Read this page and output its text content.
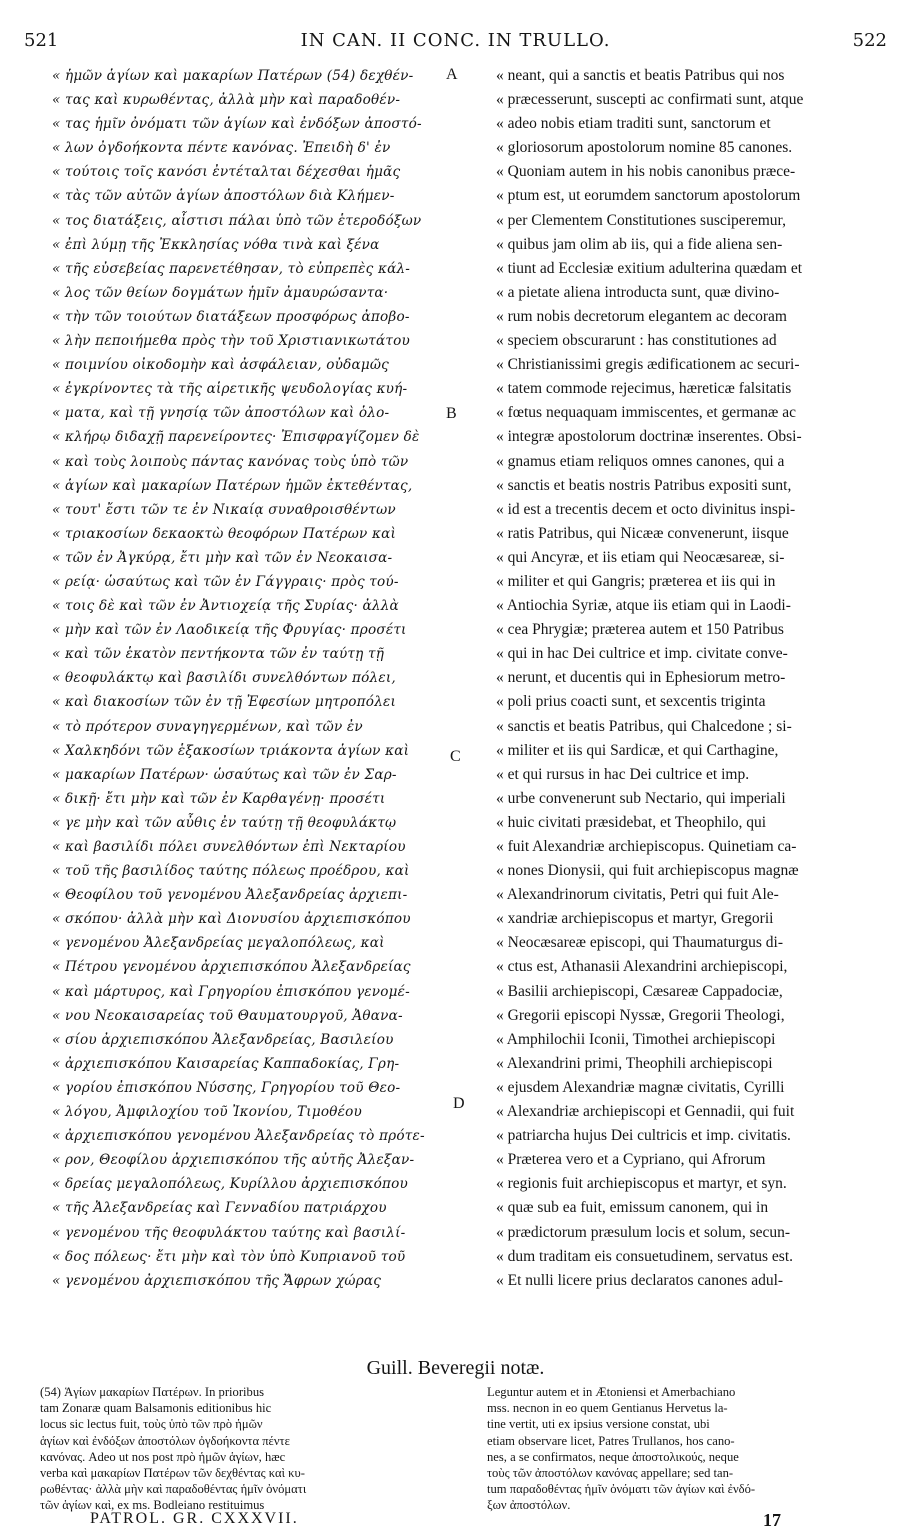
521	IN CAN. II CONC. IN TRULLO.	522
« ἡμῶν ἁγίων καὶ μακαρίων Πατέρων (54) δεχθέν-
« τας καὶ κυρωθέντας, ἀλλὰ μὴν καὶ παραδοθέν-
« τας ἡμῖν ὀνόματι τῶν ἁγίων καὶ ἐνδόξων ἀποστό-
« λων ὀγδοήκοντα πέντε κανόνας. Ἐπειδὴ δ' ἐν
« τούτοις τοῖς κανόσι ἐντέταλται δέχεσθαι ἡμᾶς
« τὰς τῶν αὐτῶν ἁγίων ἀποστόλων διὰ Κλήμεν-
« τος διατάξεις, αἷστισι πάλαι ὑπὸ τῶν ἑτεροδόξων
« ἐπὶ λύμῃ τῆς Ἐκκλησίας νόθα τινὰ καὶ ξένα
« τῆς εὐσεβείας παρενετέθησαν, τὸ εὐπρεπὲς κάλ-
« λος τῶν θείων δογμάτων ἡμῖν ἀμαυρώσαντα·
« τὴν τῶν τοιούτων διατάξεων προσφόρως ἀποβο-
« λὴν πεποιήμεθα πρὸς τὴν τοῦ Χριστιανικωτάτου
« ποιμνίου οἰκοδομὴν καὶ ἀσφάλειαν, οὐδαμῶς
« ἐγκρίνοντες τὰ τῆς αἱρετικῆς ψευδολογίας κυή-
« ματα, καὶ τῇ γνησίᾳ τῶν ἀποστόλων καὶ ὁλο-
« κλήρῳ διδαχῇ παρενείροντες· Ἐπισφραγίζομεν δὲ
« καὶ τοὺς λοιποὺς πάντας κανόνας τοὺς ὑπὸ τῶν
« ἁγίων καὶ μακαρίων Πατέρων ἡμῶν ἐκτεθέντας,
« τουτ' ἔστι τῶν τε ἐν Νικαίᾳ συναθροισθέντων
« τριακοσίων δεκαοκτὼ θεοφόρων Πατέρων καὶ
« τῶν ἐν Ἀγκύρᾳ, ἔτι μὴν καὶ τῶν ἐν Νεοκαισα-
« ρείᾳ· ὡσαύτως καὶ τῶν ἐν Γάγγραις· πρὸς τού-
« τοις δὲ καὶ τῶν ἐν Ἀντιοχείᾳ τῆς Συρίας· ἀλλὰ
« μὴν καὶ τῶν ἐν Λαοδικείᾳ τῆς Φρυγίας· προσέτι
« καὶ τῶν ἑκατὸν πεντήκοντα τῶν ἐν ταύτῃ τῇ
« θεοφυλάκτῳ καὶ βασιλίδι συνελθόντων πόλει,
« καὶ διακοσίων τῶν ἐν τῇ Ἐφεσίων μητροπόλει
« τὸ πρότερον συναγηγερμένων, καὶ τῶν ἐν
« Χαλκηδόνι τῶν ἑξακοσίων τριάκοντα ἁγίων καὶ
« μακαρίων Πατέρων· ὡσαύτως καὶ τῶν ἐν Σαρ-
« δικῇ· ἔτι μὴν καὶ τῶν ἐν Καρθαγένῃ· προσέτι
« γε μὴν καὶ τῶν αὖθις ἐν ταύτῃ τῇ θεοφυλάκτῳ
« καὶ βασιλίδι πόλει συνελθόντων ἐπὶ Νεκταρίου
« τοῦ τῆς βασιλίδος ταύτης πόλεως προέδρου, καὶ
« Θεοφίλου τοῦ γενομένου Ἀλεξανδρείας ἀρχιεπι-
« σκόπου· ἀλλὰ μὴν καὶ Διονυσίου ἀρχιεπισκόπου
« γενομένου Ἀλεξανδρείας μεγαλοπόλεως, καὶ
« Πέτρου γενομένου ἀρχιεπισκόπου Ἀλεξανδρείας
« καὶ μάρτυρος, καὶ Γρηγορίου ἐπισκόπου γενομέ-
« νου Νεοκαισαρείας τοῦ Θαυματουργοῦ, Ἀθανα-
« σίου ἀρχιεπισκόπου Ἀλεξανδρείας, Βασιλείου
« ἀρχιεπισκόπου Καισαρείας Καππαδοκίας, Γρη-
« γορίου ἐπισκόπου Νύσσης, Γρηγορίου τοῦ Θεο-
« λόγου, Ἀμφιλοχίου τοῦ Ἰκονίου, Τιμοθέου
« ἀρχιεπισκόπου γενομένου Ἀλεξανδρείας τὸ πρότε-
« ρον, Θεοφίλου ἀρχιεπισκόπου τῆς αὐτῆς Ἀλεξαν-
« δρείας μεγαλοπόλεως, Κυρίλλου ἀρχιεπισκόπου
« τῆς Ἀλεξανδρείας καὶ Γενναδίου πατριάρχου
« γενομένου τῆς θεοφυλάκτου ταύτης καὶ βασιλί-
« δος πόλεως· ἔτι μὴν καὶ τὸν ὑπὸ Κυπριανοῦ τοῦ
« γενομένου ἀρχιεπισκόπου τῆς Ἄφρων χώρας
A
B
C
D
« neant, qui a sanctis et beatis Patribus qui nos
« præcesserunt, suscepti ac confirmati sunt, atque
« adeo nobis etiam traditi sunt, sanctorum et
« gloriosorum apostolorum nomine 85 canones.
« Quoniam autem in his nobis canonibus præce-
« ptum est, ut eorumdem sanctorum apostolorum
« per Clementem Constitutiones susciperemur,
« quibus jam olim ab iis, qui a fide aliena sen-
« tiunt ad Ecclesiæ exitium adulterina quædam et
« a pietate aliena introducta sunt, quæ divino-
« rum nobis decretorum elegantem ac decoram
« speciem obscurarunt : has constitutiones ad
« Christianissimi gregis ædificationem ac securi-
« tatem commode rejecimus, hæreticæ falsitatis
« fœtus nequaquam immiscentes, et germanæ ac
« integræ apostolorum doctrinæ inserentes. Obsi-
« gnamus etiam reliquos omnes canones, qui a
« sanctis et beatis nostris Patribus expositi sunt,
« id est a trecentis decem et octo divinitus inspi-
« ratis Patribus, qui Nicææ convenerunt, iisque
« qui Ancyræ, et iis etiam qui Neocæsareæ, si-
« militer et qui Gangris; præterea et iis qui in
« Antiochia Syriæ, atque iis etiam qui in Laodi-
« cea Phrygiæ; præterea autem et 150 Patribus
« qui in hac Dei cultrice et imp. civitate conve-
« nerunt, et ducentis qui in Ephesiorum metro-
« poli prius coacti sunt, et sexcentis triginta
« sanctis et beatis Patribus, qui Chalcedone ; si-
« militer et iis qui Sardicæ, et qui Carthagine,
« et qui rursus in hac Dei cultrice et imp.
« urbe convenerunt sub Nectario, qui imperiali
« huic civitati præsidebat, et Theophilo, qui
« fuit Alexandriæ archiepiscopus. Quinetiam ca-
« nones Dionysii, qui fuit archiepiscopus magnæ
« Alexandrinorum civitatis, Petri qui fuit Ale-
« xandriæ archiepiscopus et martyr, Gregorii
« Neocæsareæ episcopi, qui Thaumaturgus di-
« ctus est, Athanasii Alexandrini archiepiscopi,
« Basilii archiepiscopi, Cæsareæ Cappadociæ,
« Gregorii episcopi Nyssæ, Gregorii Theologi,
« Amphilochii Iconii, Timothei archiepiscopi
« Alexandrini primi, Theophili archiepiscopi
« ejusdem Alexandriæ magnæ civitatis, Cyrilli
« Alexandriæ archiepiscopi et Gennadii, qui fuit
« patriarcha hujus Dei cultricis et imp. civitatis.
« Præterea vero et a Cypriano, qui Afrorum
« regionis fuit archiepiscopus et martyr, et syn.
« quæ sub ea fuit, emissum canonem, qui in
« prædictorum præsulum locis et solum, secun-
« dum traditam eis consuetudinem, servatus est.
« Et nulli licere prius declaratos canones adul-
Guill. Beveregii notæ.
(54) Ἁγίων μακαρίων Πατέρων. In prioribus
tam Zonaræ quam Balsamonis editionibus hic
locus sic lectus fuit, τοὺς ὑπὸ τῶν πρὸ ἡμῶν
ἁγίων καὶ ἐνδόξων ἀποστόλων ὀγδοήκοντα πέντε
κανόνας. Adeo ut nos post πρὸ ἡμῶν ἁγίων, hæc
verba καὶ μακαρίων Πατέρων τῶν δεχθέντας καὶ κυ-
ρωθέντας· ἀλλὰ μὴν καὶ παραδοθέντας ἡμῖν ὀνόματι
τῶν ἁγίων καὶ, ex ms. Bodleiano restituimus
Leguntur autem et in Ætoniensi et Amerbachiano
mss. necnon in eo quem Gentianus Hervetus la-
tine vertit, uti ex ipsius versione constat, ubi
etiam observare licet, Patres Trullanos, hos cano-
nes, a se confirmatos, neque ἀποστολικούς, neque
τοὺς τῶν ἀποστόλων κανόνας appellare; sed tan-
tum παραδοθέντας ἡμῖν ὀνόματι τῶν ἁγίων καὶ ἐνδό-
ξων ἀποστόλων.
PATROL. GR. CXXXVII.	17
